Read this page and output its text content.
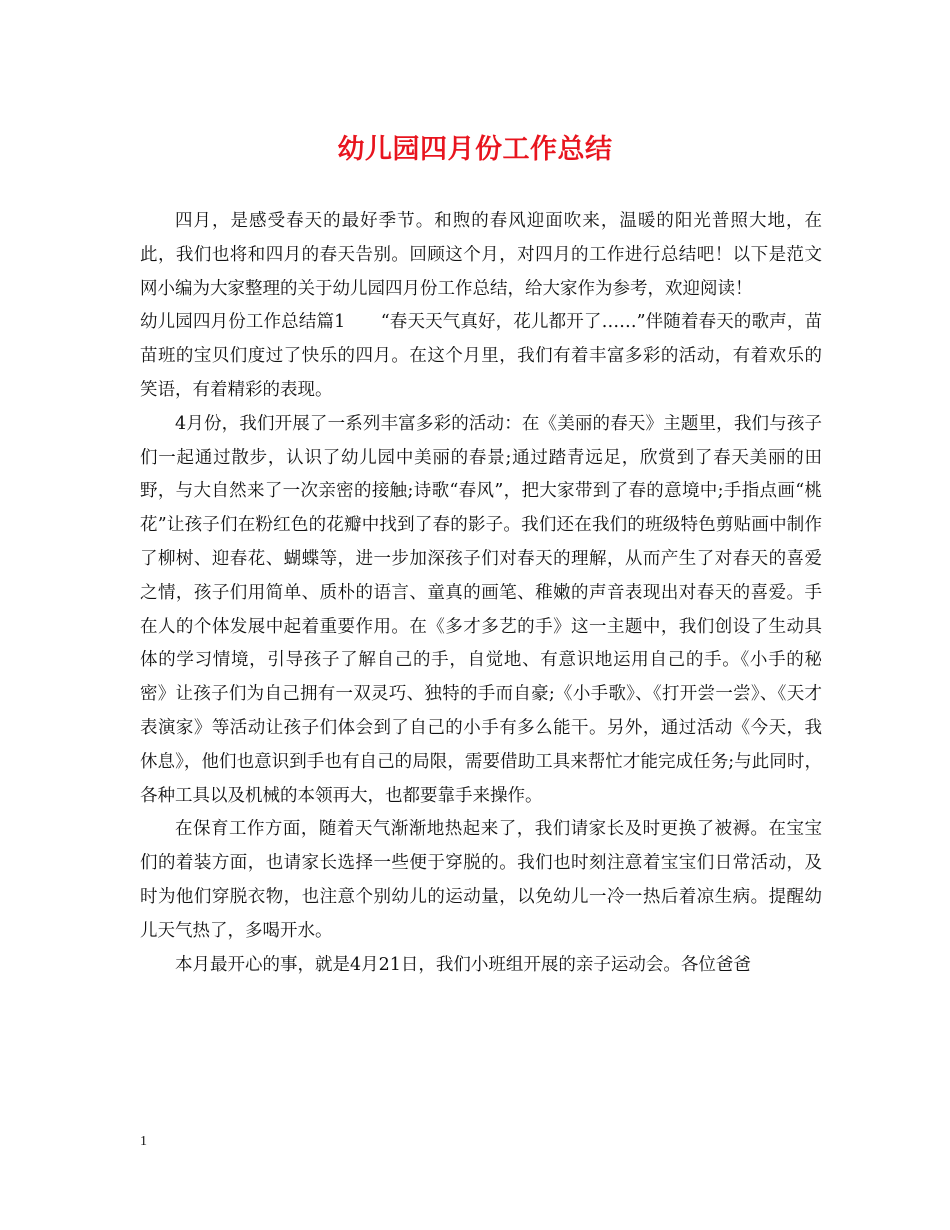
幼儿园四月份工作总结

四月，是感受春天的最好季节。和煦的春风迎面吹来，温暖的阳光普照大地，在此，我们也将和四月的春天告别。回顾这个月，对四月的工作进行总结吧！以下是范文网小编为大家整理的关于幼儿园四月份工作总结，给大家作为参考，欢迎阅读！

幼儿园四月份工作总结篇1　　“春天天气真好，花儿都开了……”伴随着春天的歌声，苗苗班的宝贝们度过了快乐的四月。在这个月里，我们有着丰富多彩的活动，有着欢乐的笑语，有着精彩的表现。

4月份，我们开展了一系列丰富多彩的活动：在《美丽的春天》主题里，我们与孩子们一起通过散步，认识了幼儿园中美丽的春景;通过踏青远足，欣赏到了春天美丽的田野，与大自然来了一次亲密的接触;诗歌“春风”，把大家带到了春的意境中;手指点画“桃花”让孩子们在粉红色的花瓣中找到了春的影子。我们还在我们的班级特色剪贴画中制作了柳树、迎春花、蝴蝶等，进一步加深孩子们对春天的理解，从而产生了对春天的喜爱之情，孩子们用简单、质朴的语言、童真的画笔、稚嫩的声音表现出对春天的喜爱。手在人的个体发展中起着重要作用。在《多才多艺的手》这一主题中，我们创设了生动具体的学习情境，引导孩子了解自己的手，自觉地、有意识地运用自己的手。《小手的秘密》让孩子们为自己拥有一双灵巧、独特的手而自豪;《小手歌》、《打开尝一尝》、《天才表演家》等活动让孩子们体会到了自己的小手有多么能干。另外，通过活动《今天，我休息》，他们也意识到手也有自己的局限，需要借助工具来帮忙才能完成任务;与此同时，各种工具以及机械的本领再大，也都要靠手来操作。

在保育工作方面，随着天气渐渐地热起来了，我们请家长及时更换了被褥。在宝宝们的着装方面，也请家长选择一些便于穿脱的。我们也时刻注意着宝宝们日常活动，及时为他们穿脱衣物，也注意个别幼儿的运动量，以免幼儿一冷一热后着凉生病。提醒幼儿天气热了，多喝开水。

本月最开心的事，就是4月21日，我们小班组开展的亲子运动会。各位爸爸

1
